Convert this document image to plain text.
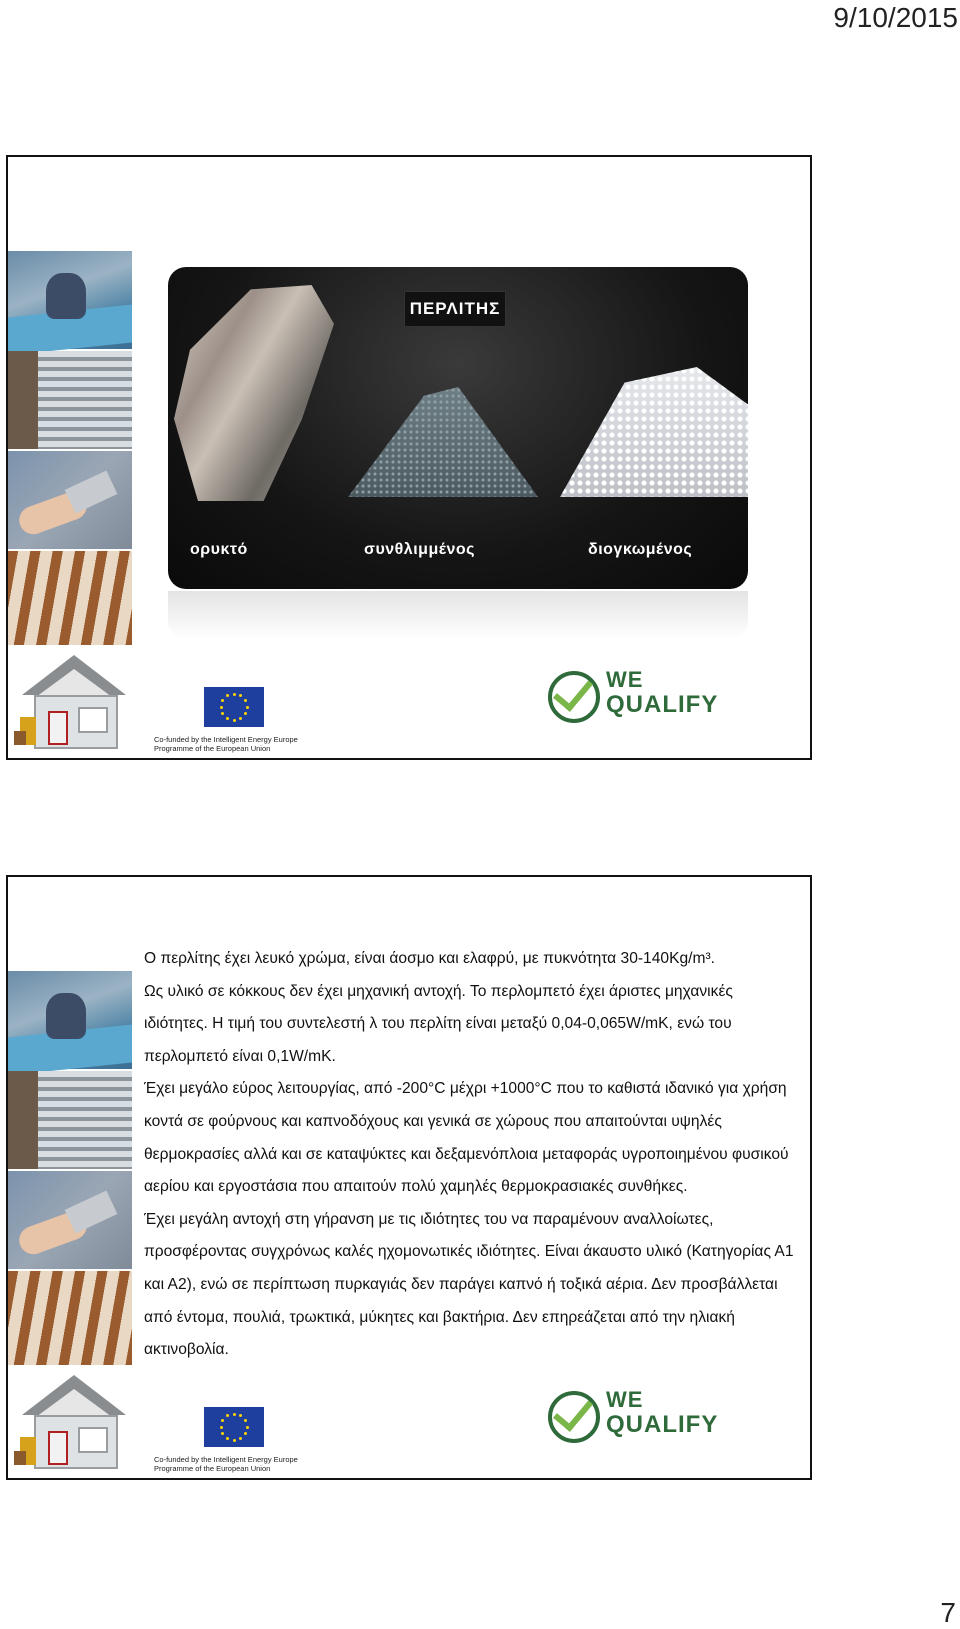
9/10/2015
ΠΕΡΛΙΤΗΣ
ορυκτό	συνθλιμμένος	διογκωμένος
Co-funded by the Intelligent Energy Europe Programme of the European Union
WE
QUALIFY
Co-funded by the Intelligent Energy Europe Programme of the European Union
WE
QUALIFY

Ο περλίτης έχει λευκό χρώμα, είναι άοσμο και ελαφρύ, με πυκνότητα 30-140Kg/m³.

Ως υλικό σε κόκκους δεν έχει μηχανική αντοχή. Το περλομπετό έχει άριστες μηχανικές ιδιότητες. Η τιμή του συντελεστή λ του περλίτη είναι μεταξύ 0,04-0,065W/mK, ενώ του περλομπετό είναι 0,1W/mK.

Έχει μεγάλο εύρος λειτουργίας, από -200°C μέχρι +1000°C που το καθιστά ιδανικό για χρήση κοντά σε φούρνους και καπνοδόχους και γενικά σε χώρους που απαιτούνται υψηλές θερμοκρασίες αλλά και σε καταψύκτες και δεξαμενόπλοια μεταφοράς υγροποιημένου φυσικού αερίου και εργοστάσια που απαιτούν πολύ χαμηλές θερμοκρασιακές συνθήκες.

Έχει μεγάλη αντοχή στη γήρανση με τις ιδιότητες του να παραμένουν αναλλοίωτες, προσφέροντας συγχρόνως καλές ηχομονωτικές ιδιότητες. Είναι άκαυστο υλικό (Κατηγορίας Α1 και Α2), ενώ σε περίπτωση πυρκαγιάς δεν παράγει καπνό ή τοξικά αέρια. Δεν προσβάλλεται από έντομα, πουλιά, τρωκτικά, μύκητες και βακτήρια. Δεν επηρεάζεται από την ηλιακή ακτινοβολία.

7
